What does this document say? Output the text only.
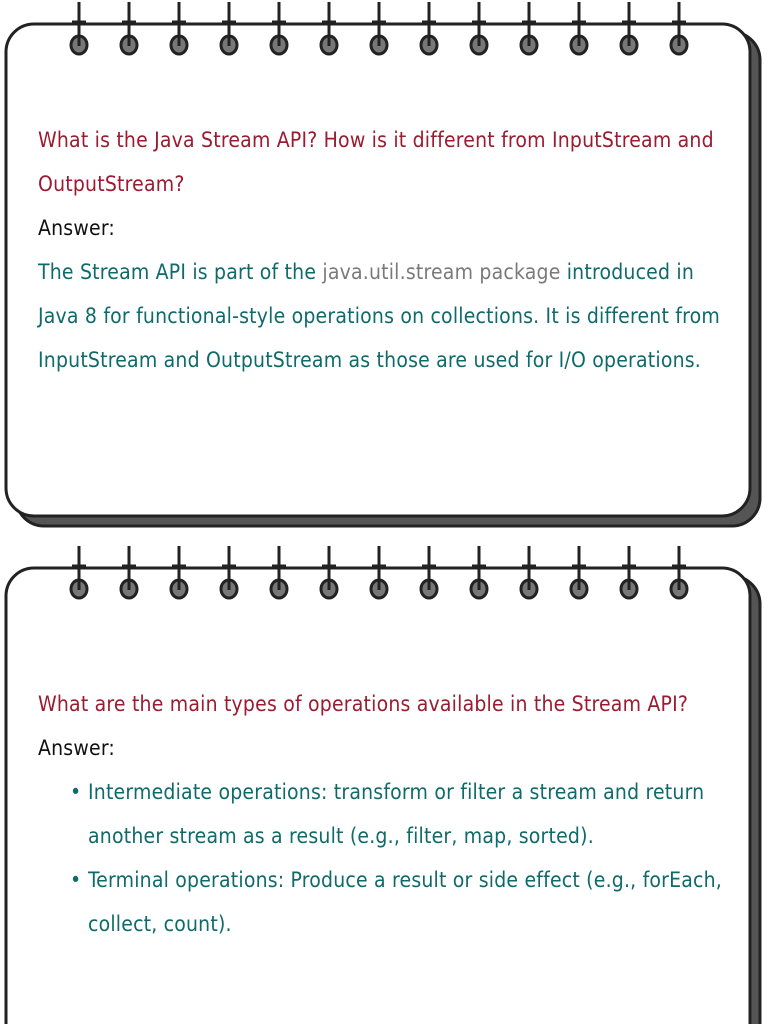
What is the Java Stream API? How is it different from InputStream and OutputStream?

Answer:

The Stream API is part of the java.util.stream package introduced in Java 8 for functional-style operations on collections. It is different from InputStream and OutputStream as those are used for I/O operations.

What are the main types of operations available in the Stream API?

Answer:

• Intermediate operations: transform or filter a stream and return another stream as a result (e.g., filter, map, sorted).
• Terminal operations: Produce a result or side effect (e.g., forEach, collect, count).
